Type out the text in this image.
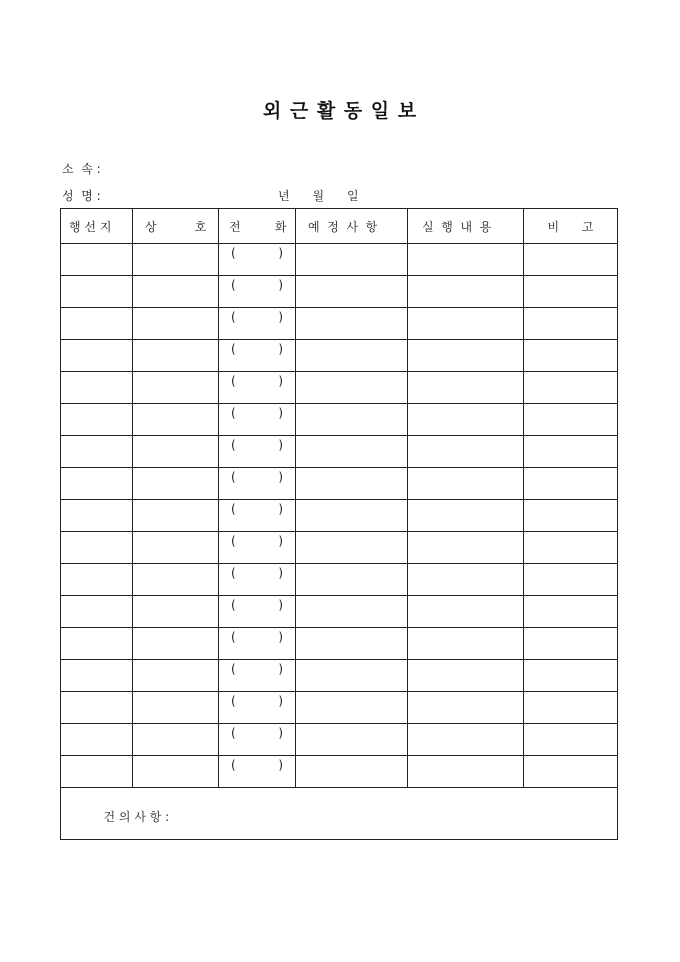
외 근 활 동 일 보
소  속 :
성  명 :	년      월      일
행 선 지	상          호	전         화	예  정  사  항	실  행  내  용	비      고

		( )			

		( )			

		( )			

		( )			

		( )			

		( )			

		( )			

		( )			

		( )			

		( )			

		( )			

		( )			

		( )			

		( )			

		( )			

		( )			

		( )			

건 의 사 항 :					
